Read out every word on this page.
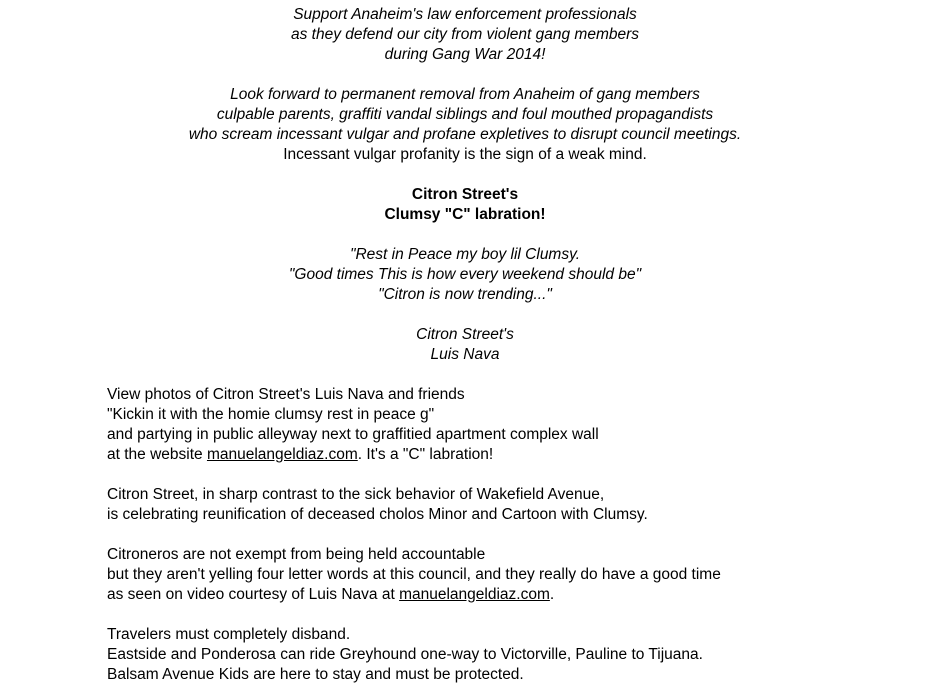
Support Anaheim's law enforcement professionals
as they defend our city from violent gang members
during Gang War 2014!
Look forward to permanent removal from Anaheim of gang members
culpable parents, graffiti vandal siblings and foul mouthed propagandists
who scream incessant vulgar and profane expletives to disrupt council meetings.
Incessant vulgar profanity is the sign of a weak mind.
Citron Street's
Clumsy "C" labration!
"Rest in Peace my boy lil Clumsy.
"Good times This is how every weekend should be"
"Citron is now trending..."
Citron Street's
Luis Nava
View photos of Citron Street's Luis Nava and friends
"Kickin it with the homie clumsy rest in peace g"
and partying in public alleyway next to graffitied apartment complex wall
at the website manuelangeldiaz.com. It's a "C" labration!
Citron Street, in sharp contrast to the sick behavior of Wakefield Avenue,
is celebrating reunification of deceased cholos Minor and Cartoon with Clumsy.
Citroneros are not exempt from being held accountable
but they aren't yelling four letter words at this council, and they really do have a good time
as seen on video courtesy of Luis Nava at manuelangeldiaz.com.
Travelers must completely disband.
Eastside and Ponderosa can ride Greyhound one-way to Victorville, Pauline to Tijuana.
Balsam Avenue Kids are here to stay and must be protected.
